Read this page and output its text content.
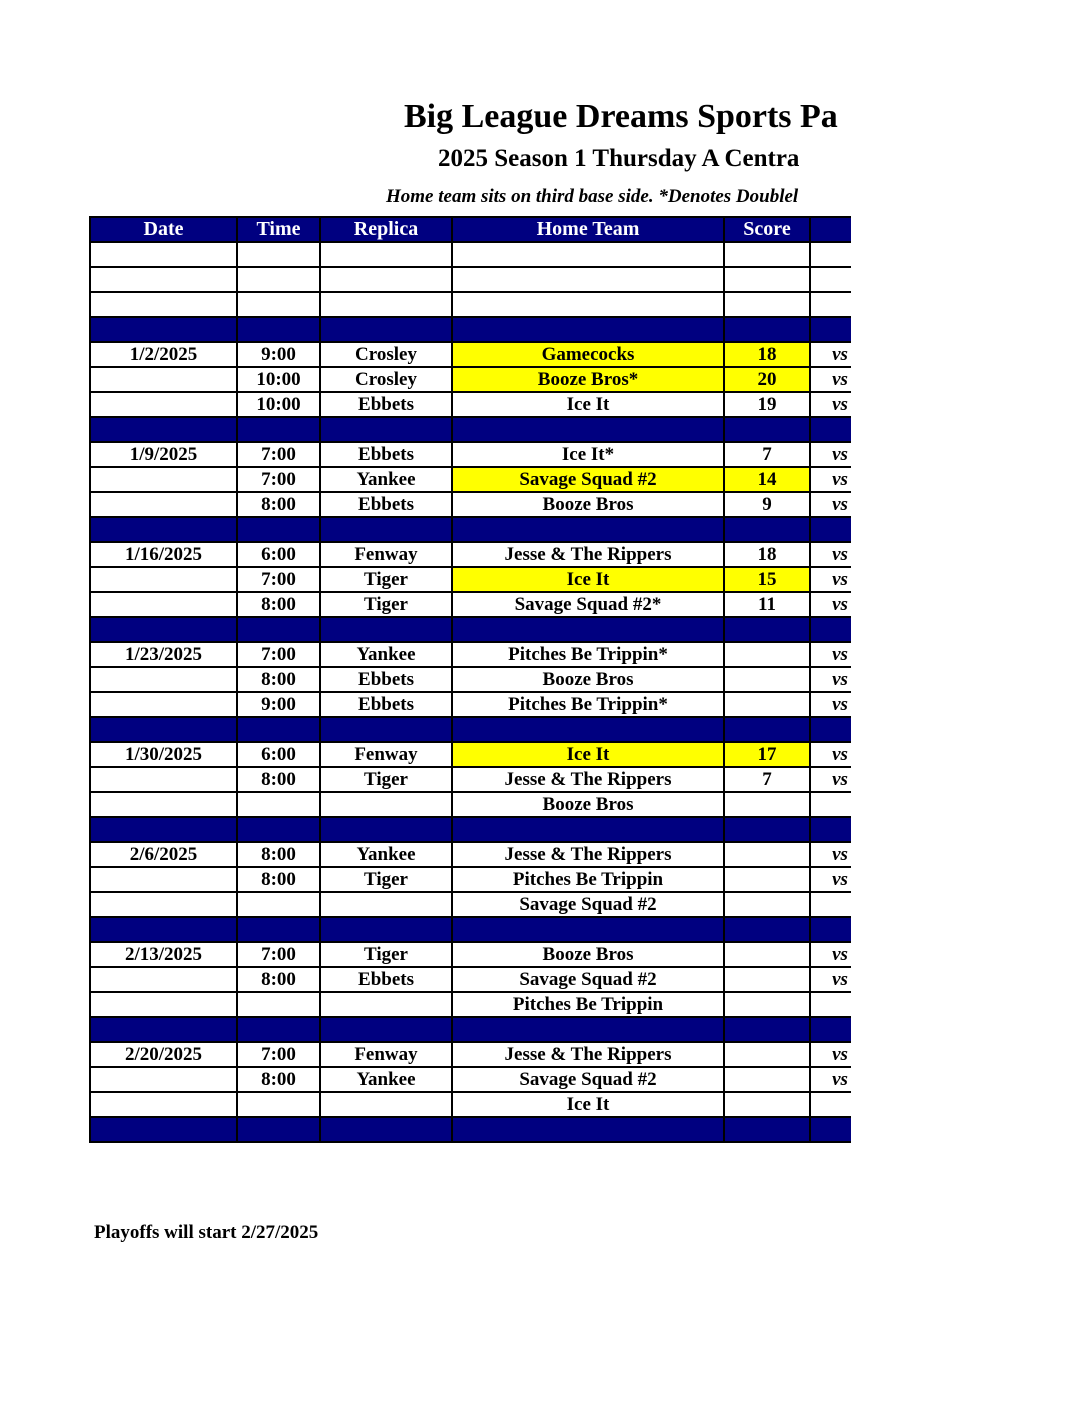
Big League Dreams Sports Pa
2025 Season 1 Thursday A Centra
Home team sits on third base side. *Denotes Doublel
Date	Time	Replica	Home Team	Score	

1/2/2025	9:00	Crosley	Gamecocks	18	vs
	10:00	Crosley	Booze Bros*	20	vs
	10:00	Ebbets	Ice It	19	vs

1/9/2025	7:00	Ebbets	Ice It*	7	vs
	7:00	Yankee	Savage Squad #2	14	vs
	8:00	Ebbets	Booze Bros	9	vs

1/16/2025	6:00	Fenway	Jesse & The Rippers	18	vs
	7:00	Tiger	Ice It	15	vs
	8:00	Tiger	Savage Squad #2*	11	vs

1/23/2025	7:00	Yankee	Pitches Be Trippin*		vs
	8:00	Ebbets	Booze Bros		vs
	9:00	Ebbets	Pitches Be Trippin*		vs

1/30/2025	6:00	Fenway	Ice It	17	vs
	8:00	Tiger	Jesse & The Rippers	7	vs
			Booze Bros		

2/6/2025	8:00	Yankee	Jesse & The Rippers		vs
	8:00	Tiger	Pitches Be Trippin		vs
			Savage Squad #2		

2/13/2025	7:00	Tiger	Booze Bros		vs
	8:00	Ebbets	Savage Squad #2		vs
			Pitches Be Trippin		

2/20/2025	7:00	Fenway	Jesse & The Rippers		vs
	8:00	Yankee	Savage Squad #2		vs
			Ice It		

Playoffs will start 2/27/2025
